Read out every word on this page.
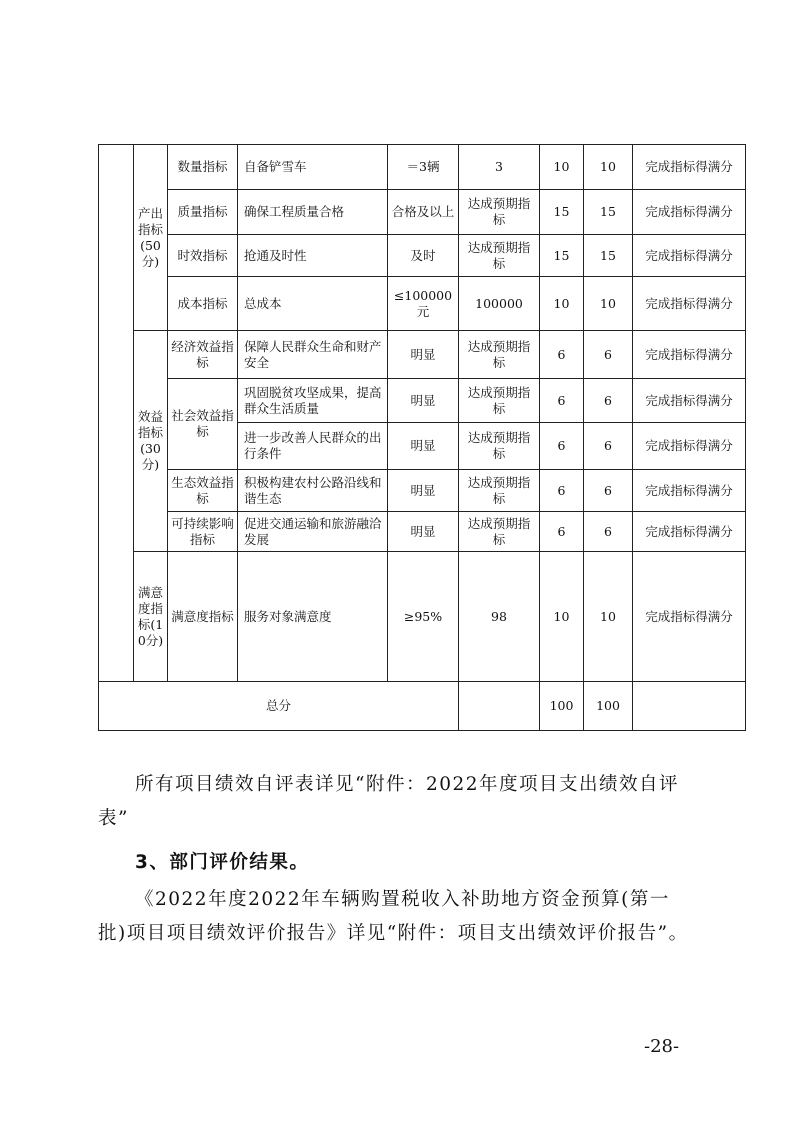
	产出指标(50分)	数量指标	自备铲雪车	＝3辆	3	10	10	完成指标得满分
		质量指标	确保工程质量合格	合格及以上	达成预期指标	15	15	完成指标得满分
		时效指标	抢通及时性	及时	达成预期指标	15	15	完成指标得满分
		成本指标	总成本	≤100000元	100000	10	10	完成指标得满分
	效益指标(30分)	经济效益指标	保障人民群众生命和财产安全	明显	达成预期指标	6	6	完成指标得满分
		社会效益指标	巩固脱贫攻坚成果，提高群众生活质量	明显	达成预期指标	6	6	完成指标得满分
			进一步改善人民群众的出行条件	明显	达成预期指标	6	6	完成指标得满分
		生态效益指标	积极构建农村公路沿线和谐生态	明显	达成预期指标	6	6	完成指标得满分
		可持续影响指标	促进交通运输和旅游融洽发展	明显	达成预期指标	6	6	完成指标得满分
	满意度指标(10分)	满意度指标	服务对象满意度	≥95%	98	10	10	完成指标得满分
总分						100	100	

所有项目绩效自评表详见“附件：2022年度项目支出绩效自评表”

3、部门评价结果。

《2022年度2022年车辆购置税收入补助地方资金预算(第一批)项目项目绩效评价报告》详见“附件：项目支出绩效评价报告”。

-28-
